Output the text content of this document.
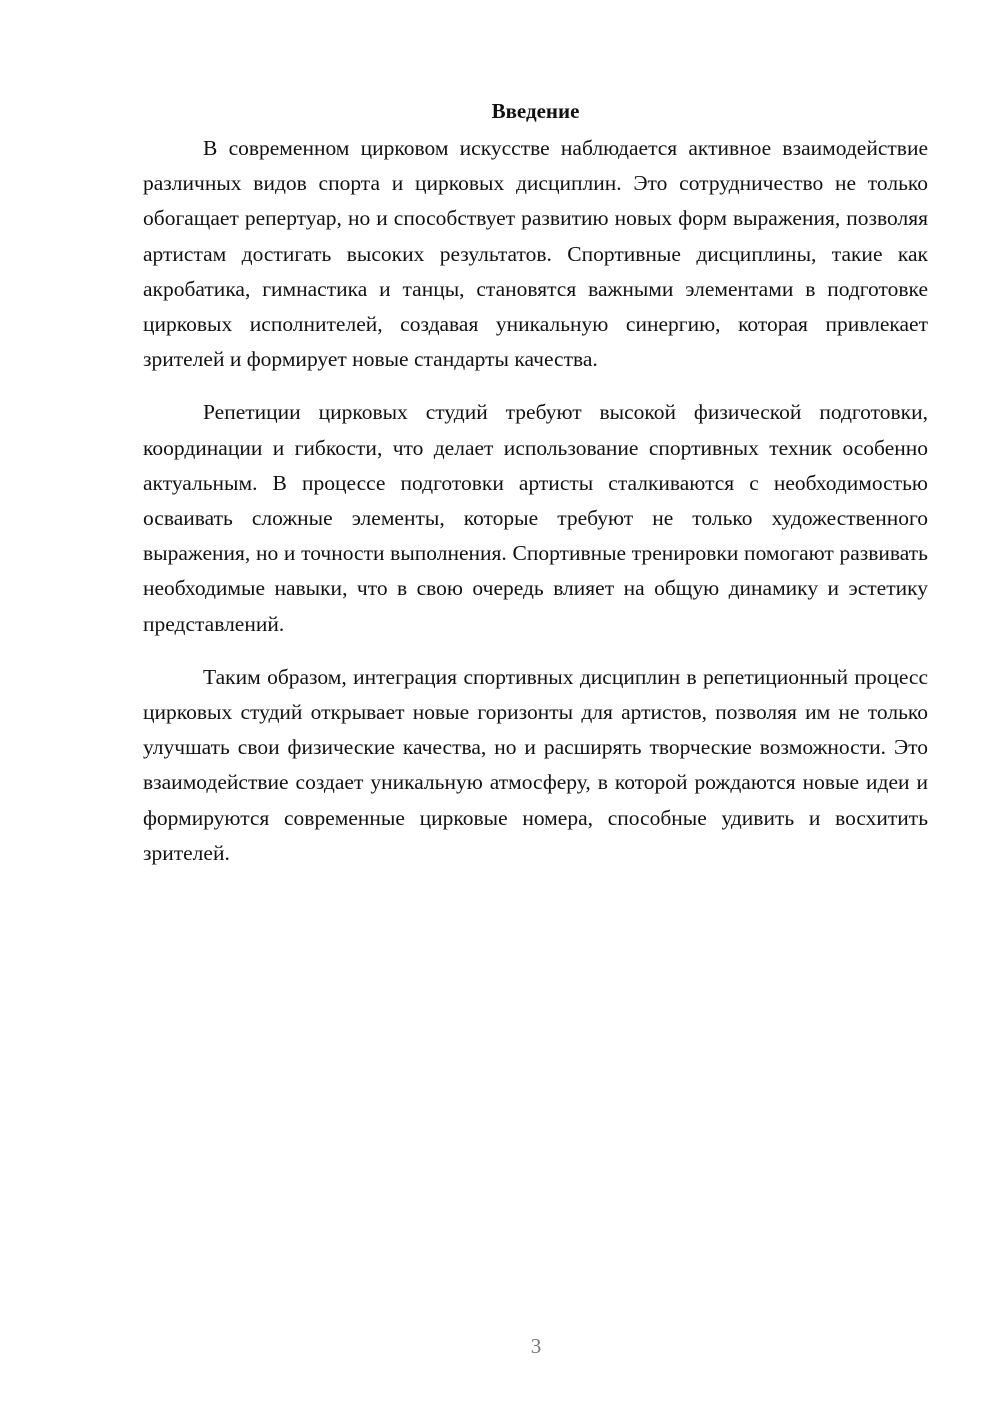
Введение

В современном цирковом искусстве наблюдается активное взаимодействие различных видов спорта и цирковых дисциплин. Это сотрудничество не только обогащает репертуар, но и способствует развитию новых форм выражения, позволяя артистам достигать высоких результатов. Спортивные дисциплины, такие как акробатика, гимнастика и танцы, становятся важными элементами в подготовке цирковых исполнителей, создавая уникальную синергию, которая привлекает зрителей и формирует новые стандарты качества.

Репетиции цирковых студий требуют высокой физической подготовки, координации и гибкости, что делает использование спортивных техник особенно актуальным. В процессе подготовки артисты сталкиваются с необходимостью осваивать сложные элементы, которые требуют не только художественного выражения, но и точности выполнения. Спортивные тренировки помогают развивать необходимые навыки, что в свою очередь влияет на общую динамику и эстетику представлений.

Таким образом, интеграция спортивных дисциплин в репетиционный процесс цирковых студий открывает новые горизонты для артистов, позволяя им не только улучшать свои физические качества, но и расширять творческие возможности. Это взаимодействие создает уникальную атмосферу, в которой рождаются новые идеи и формируются современные цирковые номера, способные удивить и восхитить зрителей.

3
